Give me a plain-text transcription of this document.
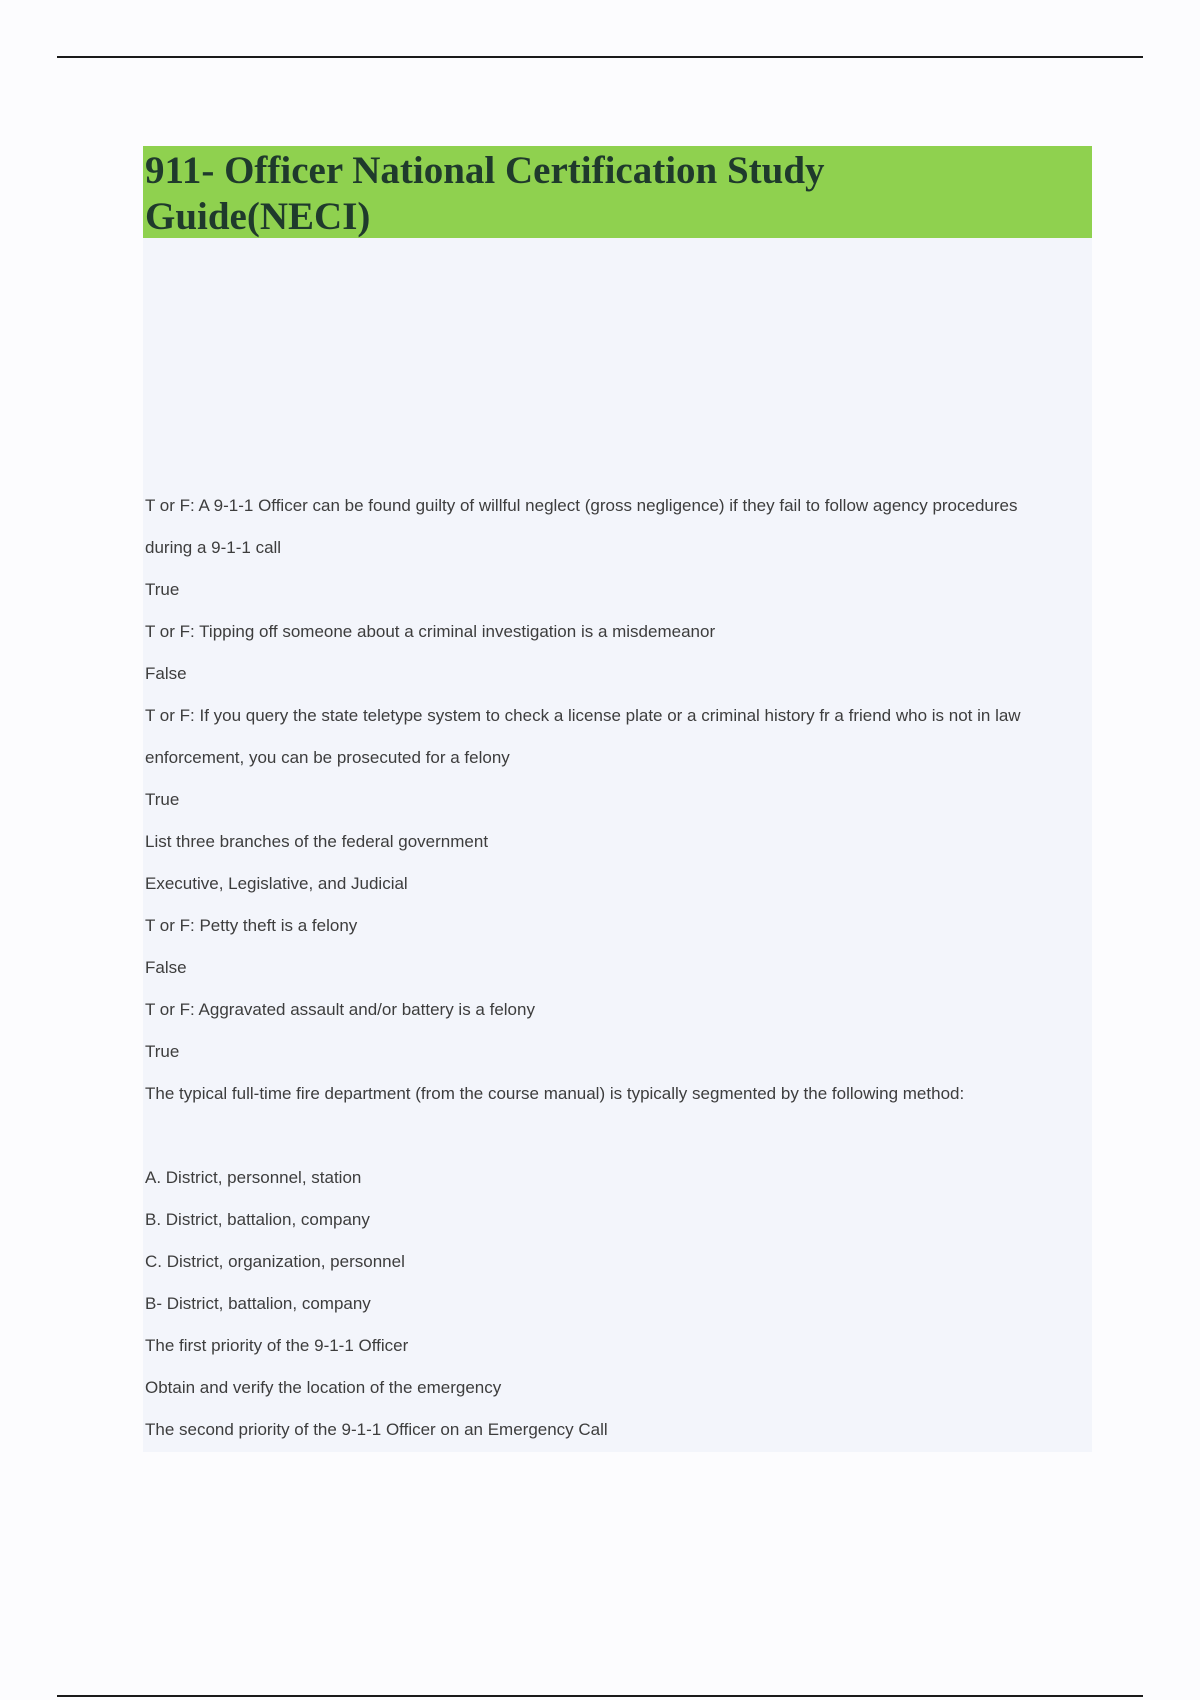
911- Officer National Certification Study Guide(NECI)
T or F: A 9-1-1 Officer can be found guilty of willful neglect (gross negligence) if they fail to follow agency procedures
during a 9-1-1 call
True
T or F: Tipping off someone about a criminal investigation is a misdemeanor
False
T or F: If you query the state teletype system to check a license plate or a criminal history fr a friend who is not in law
enforcement, you can be prosecuted for a felony
True
List three branches of the federal government
Executive, Legislative, and Judicial
T or F: Petty theft is a felony
False
T or F: Aggravated assault and/or battery is a felony
True
The typical full-time fire department (from the course manual) is typically segmented by the following method:
A. District, personnel, station
B. District, battalion, company
C. District, organization, personnel
B- District, battalion, company
The first priority of the 9-1-1 Officer
Obtain and verify the location of the emergency
The second priority of the 9-1-1 Officer on an Emergency Call
